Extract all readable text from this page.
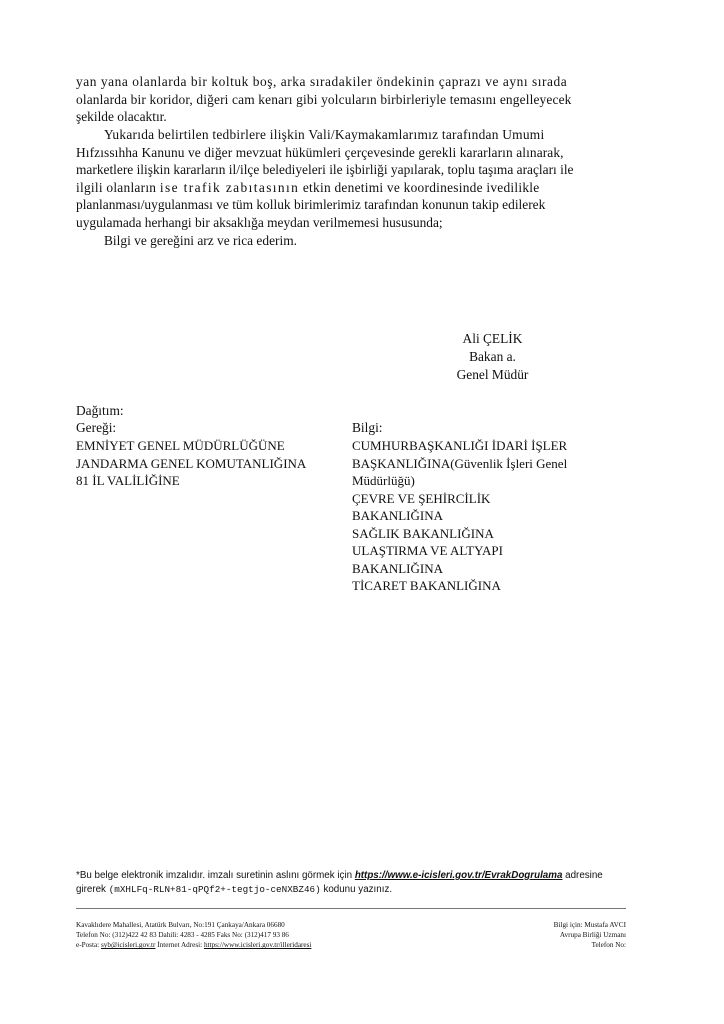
yan yana olanlarda bir koltuk boş, arka sıradakiler öndekinin çaprazı ve aynı sırada
olanlarda bir koridor, diğeri cam kenarı gibi yolcuların birbirleriyle temasını engelleyecek
şekilde olacaktır.
Yukarıda belirtilen tedbirlere ilişkin Vali/Kaymakamlarımız tarafından Umumi
Hıfzıssıhha Kanunu ve diğer mevzuat hükümleri çerçevesinde gerekli kararların alınarak,
marketlere ilişkin kararların il/ilçe belediyeleri ile işbirliği yapılarak, toplu taşıma araçları ile
ilgili olanların ise trafik zabıtasının etkin denetimi ve koordinesinde ivedilikle
planlanması/uygulanması ve tüm kolluk birimlerimiz tarafından konunun takip edilerek
uygulamada herhangi bir aksaklığa meydan verilmemesi hususunda;
Bilgi ve gereğini arz ve rica ederim.
Ali ÇELİK
Bakan a.
Genel Müdür
Dağıtım:
Gereği:
EMNİYET GENEL MÜDÜRLÜĞÜNE
JANDARMA GENEL KOMUTANLIĞINA
81 İL VALİLİĞİNE
Bilgi:
CUMHURBAŞKANLIĞI İDARİ İŞLER
BAŞKANLIĞINA(Güvenlik İşleri Genel
Müdürlüğü)
ÇEVRE VE ŞEHİRCİLİK
BAKANLIĞINA
SAĞLIK BAKANLIĞINA
ULAŞTIRMA VE ALTYAPI
BAKANLIĞINA
TİCARET BAKANLIĞINA
*Bu belge elektronik imzalıdır. imzalı suretinin aslını görmek için https://www.e-icisleri.gov.tr/EvrakDogrulama adresine
girerek (mXHLFq-RLN+81-qPQf2+-tegtjo-ceNXBZ46) kodunu yazınız.
Kavaklıdere Mahallesi, Atatürk Bulvarı, No:191 Çankaya/Ankara 06680
Telefon No: (312)422 42 83 Dahili: 4283 - 4285 Faks No: (312)417 93 86
e-Posta: syb@icisleri.gov.tr İnternet Adresi: https://www.icisleri.gov.tr/illeridaresi
Bilgi için: Mustafa AVCI
Avrupa Birliği Uzmanı
Telefon No:
